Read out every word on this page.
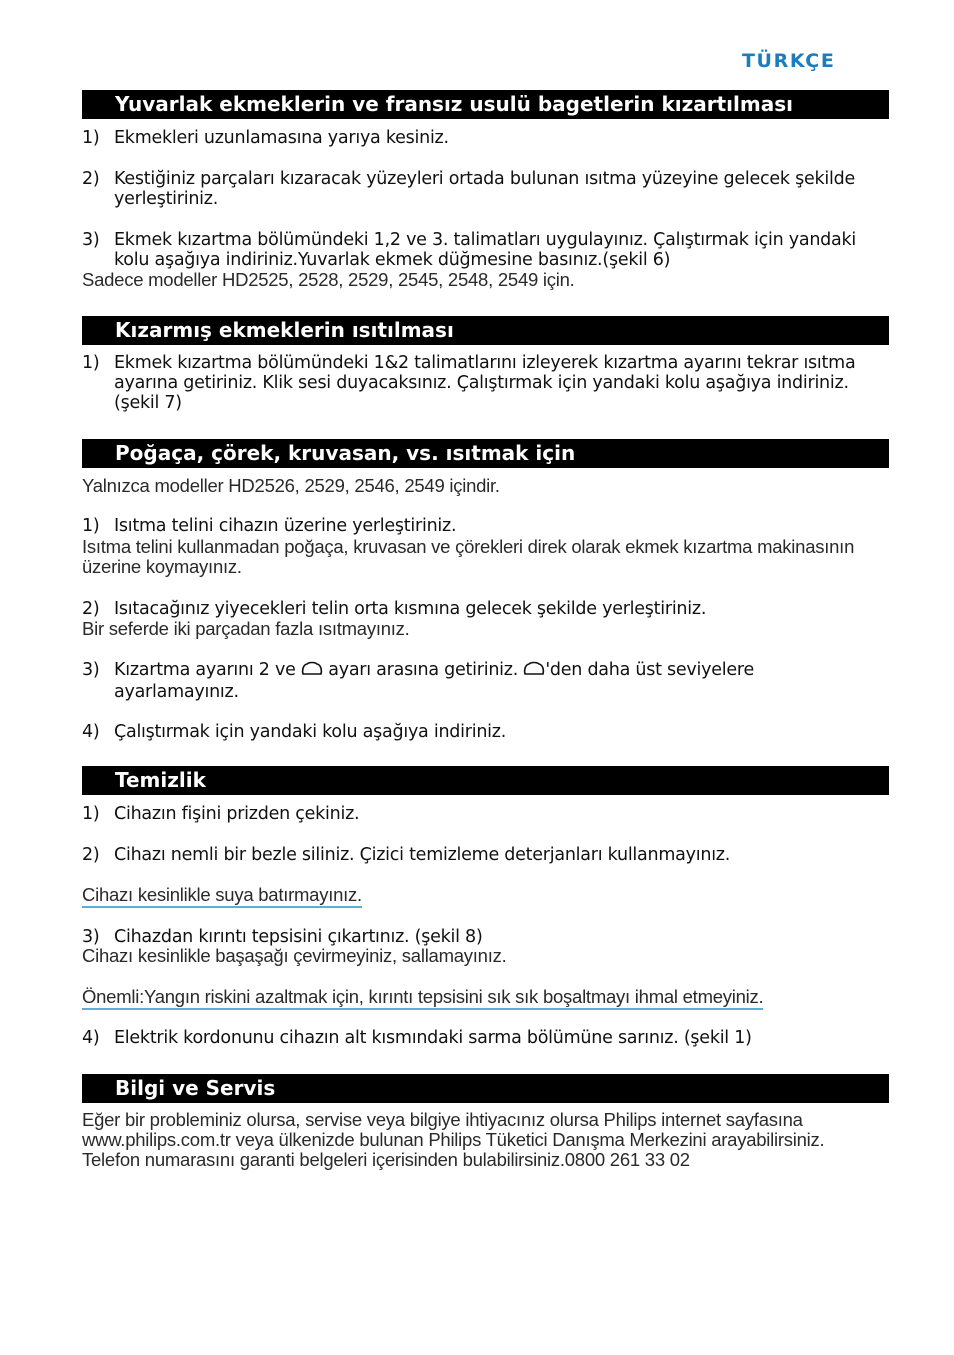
TÜRKÇE
Yuvarlak ekmeklerin ve fransız usulü bagetlerin kızartılması
1) Ekmekleri uzunlamasına yarıya kesiniz.
2) Kestiğiniz parçaları kızaracak yüzeyleri ortada bulunan ısıtma yüzeyine gelecek şekilde yerleştiriniz.
3) Ekmek kızartma bölümündeki 1,2 ve 3. talimatları uygulayınız. Çalıştırmak için yandaki kolu aşağıya indiriniz.Yuvarlak ekmek düğmesine basınız.(şekil 6)
Sadece modeller HD2525, 2528, 2529, 2545, 2548, 2549 için.
Kızarmış ekmeklerin ısıtılması
1) Ekmek kızartma bölümündeki 1&2 talimatlarını izleyerek kızartma ayarını tekrar ısıtma ayarına getiriniz. Klik sesi duyacaksınız. Çalıştırmak için yandaki kolu aşağıya indiriniz.(şekil 7)
Poğaça, çörek, kruvasan, vs. ısıtmak için
Yalnızca modeller HD2526, 2529, 2546, 2549 içindir.
1) Isıtma telini cihazın üzerine yerleştiriniz.
Isıtma telini kullanmadan poğaça, kruvasan ve çörekleri direk olarak ekmek kızartma makinasının üzerine koymayınız.
2) Isıtacağınız yiyecekleri telin orta kısmına gelecek şekilde yerleştiriniz.
Bir seferde iki parçadan fazla ısıtmayınız.
3) Kızartma ayarını 2 ve ayarı arasına getiriniz. 'den daha üst seviyelere ayarlamayınız.
4) Çalıştırmak için yandaki kolu aşağıya indiriniz.
Temizlik
1) Cihazın fişini prizden çekiniz.
2) Cihazı nemli bir bezle siliniz. Çizici temizleme deterjanları kullanmayınız.
Cihazı kesinlikle suya batırmayınız.
3) Cihazdan kırıntı tepsisini çıkartınız. (şekil 8)
Cihazı kesinlikle başaşağı çevirmeyiniz, sallamayınız.
Önemli:Yangın riskini azaltmak için, kırıntı tepsisini sık sık boşaltmayı ihmal etmeyiniz.
4) Elektrik kordonunu cihazın alt kısmındaki sarma bölümüne sarınız. (şekil 1)
Bilgi ve Servis
Eğer bir probleminiz olursa, servise veya bilgiye ihtiyacınız olursa Philips internet sayfasına www.philips.com.tr veya ülkenizde bulunan Philips Tüketici Danışma Merkezini arayabilirsiniz. Telefon numarasını garanti belgeleri içerisinden bulabilirsiniz.0800 261 33 02
